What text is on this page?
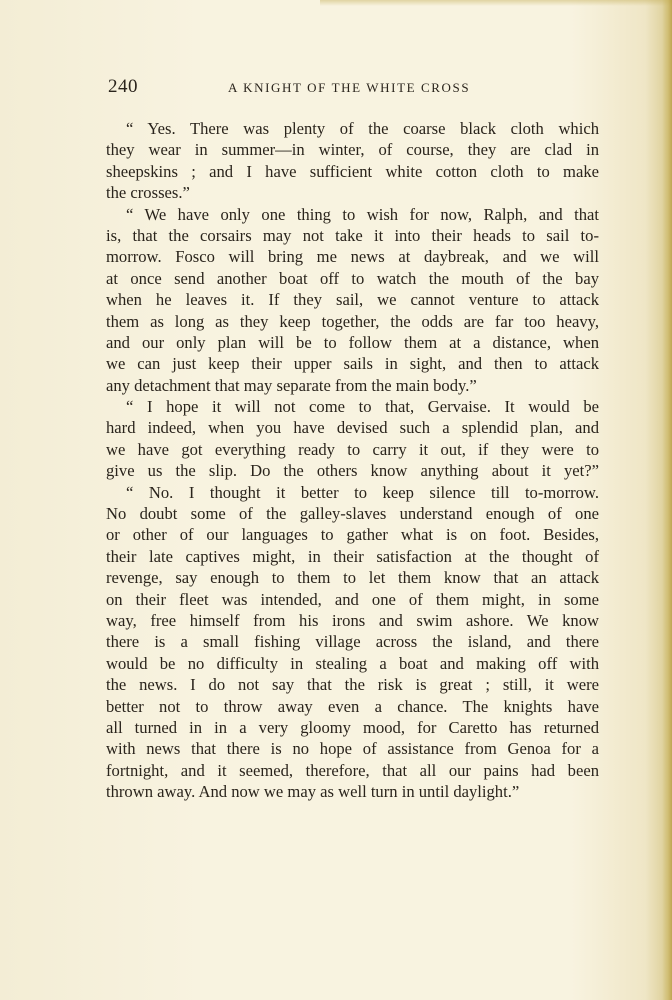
240	A KNIGHT OF THE WHITE CROSS
“ Yes. There was plenty of the coarse black cloth which
they wear in summer—in winter, of course, they are clad in
sheepskins ; and I have sufficient white cotton cloth to make
the crosses.”
“ We have only one thing to wish for now, Ralph, and that
is, that the corsairs may not take it into their heads to sail to-
morrow. Fosco will bring me news at daybreak, and we will
at once send another boat off to watch the mouth of the bay
when he leaves it. If they sail, we cannot venture to attack
them as long as they keep together, the odds are far too heavy,
and our only plan will be to follow them at a distance, when
we can just keep their upper sails in sight, and then to attack
any detachment that may separate from the main body.”
“ I hope it will not come to that, Gervaise. It would be
hard indeed, when you have devised such a splendid plan, and
we have got everything ready to carry it out, if they were to
give us the slip. Do the others know anything about it yet?”
“ No. I thought it better to keep silence till to-morrow.
No doubt some of the galley-slaves understand enough of one
or other of our languages to gather what is on foot. Besides,
their late captives might, in their satisfaction at the thought of
revenge, say enough to them to let them know that an attack
on their fleet was intended, and one of them might, in some
way, free himself from his irons and swim ashore. We know
there is a small fishing village across the island, and there
would be no difficulty in stealing a boat and making off with
the news. I do not say that the risk is great ; still, it were
better not to throw away even a chance. The knights have
all turned in in a very gloomy mood, for Caretto has returned
with news that there is no hope of assistance from Genoa for a
fortnight, and it seemed, therefore, that all our pains had been
thrown away. And now we may as well turn in until daylight.”
